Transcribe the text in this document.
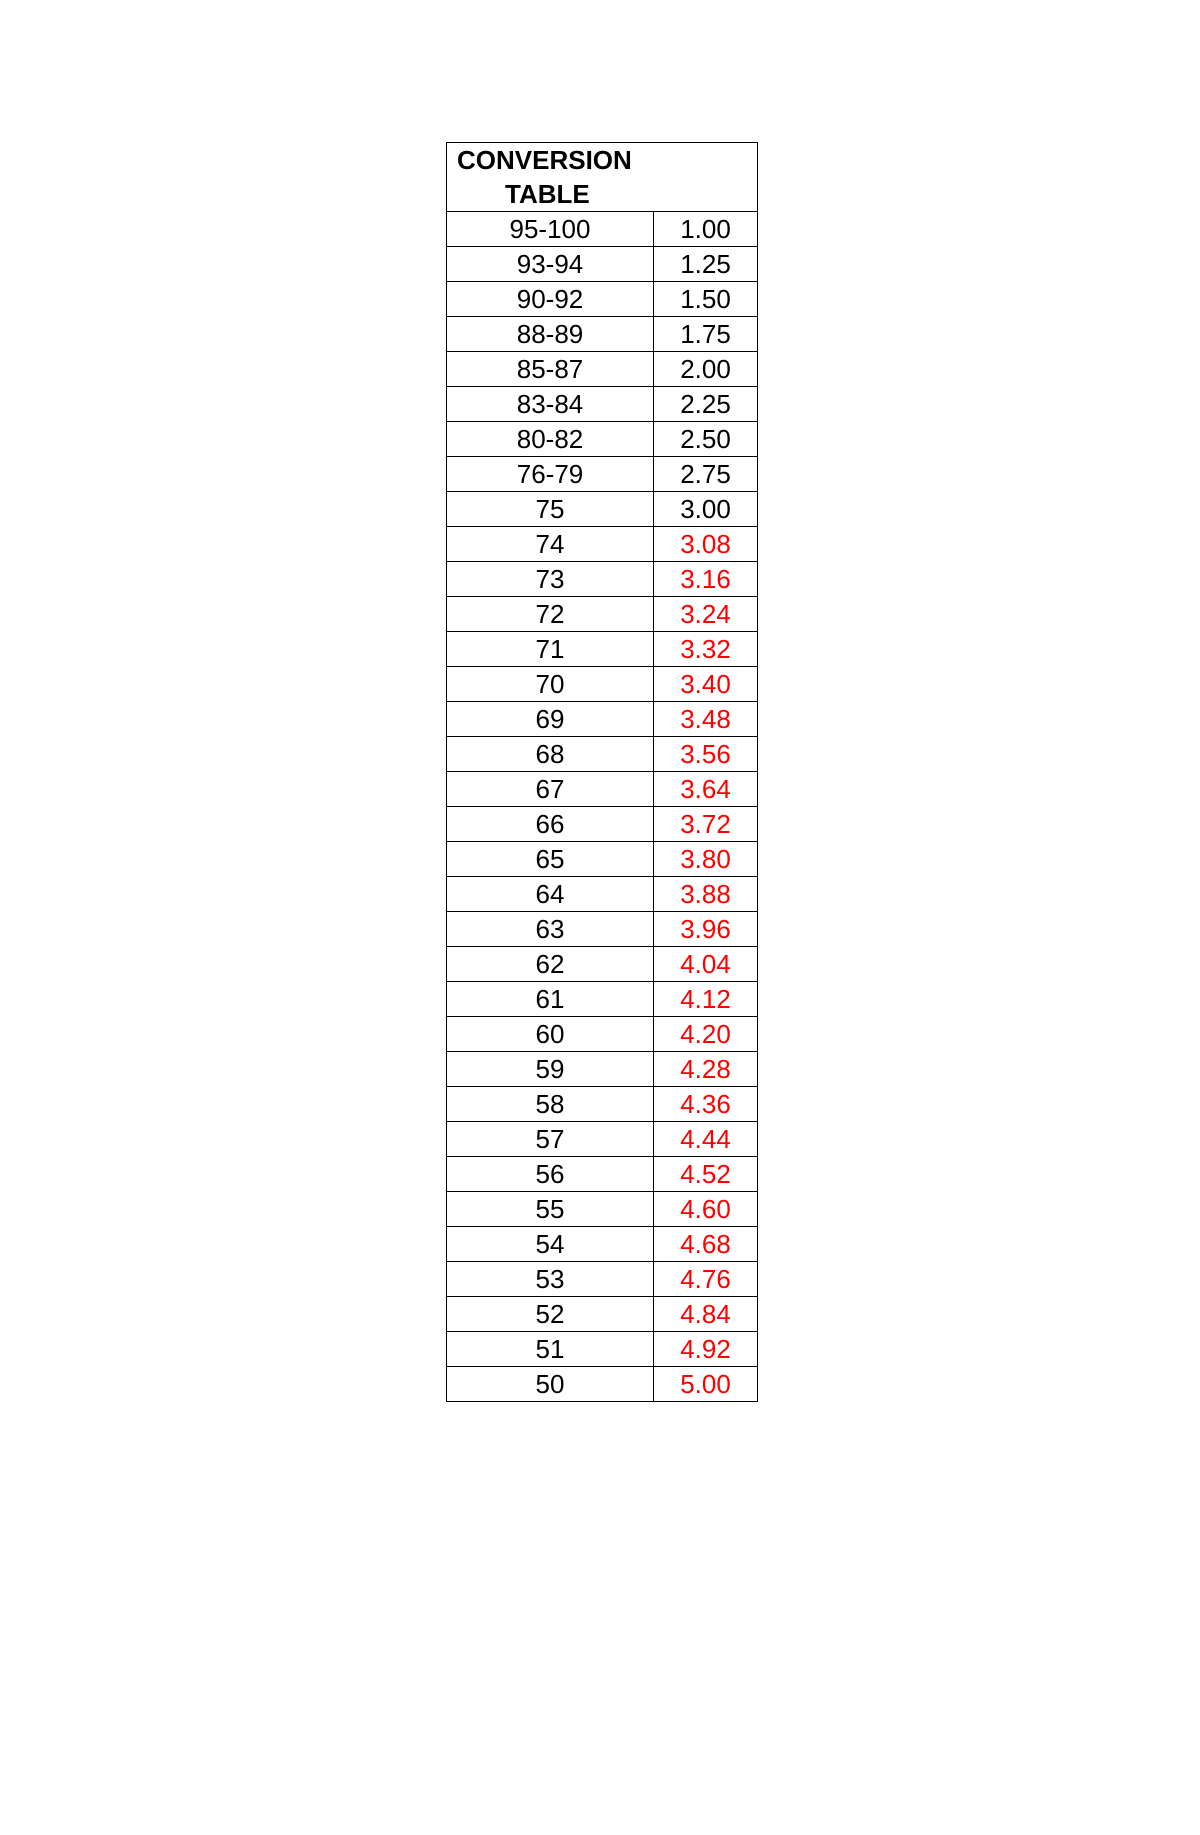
CONVERSION
TABLE	

95-100	1.00
93-94	1.25
90-92	1.50
88-89	1.75
85-87	2.00
83-84	2.25
80-82	2.50
76-79	2.75
75	3.00
74	3.08
73	3.16
72	3.24
71	3.32
70	3.40
69	3.48
68	3.56
67	3.64
66	3.72
65	3.80
64	3.88
63	3.96
62	4.04
61	4.12
60	4.20
59	4.28
58	4.36
57	4.44
56	4.52
55	4.60
54	4.68
53	4.76
52	4.84
51	4.92
50	5.00
